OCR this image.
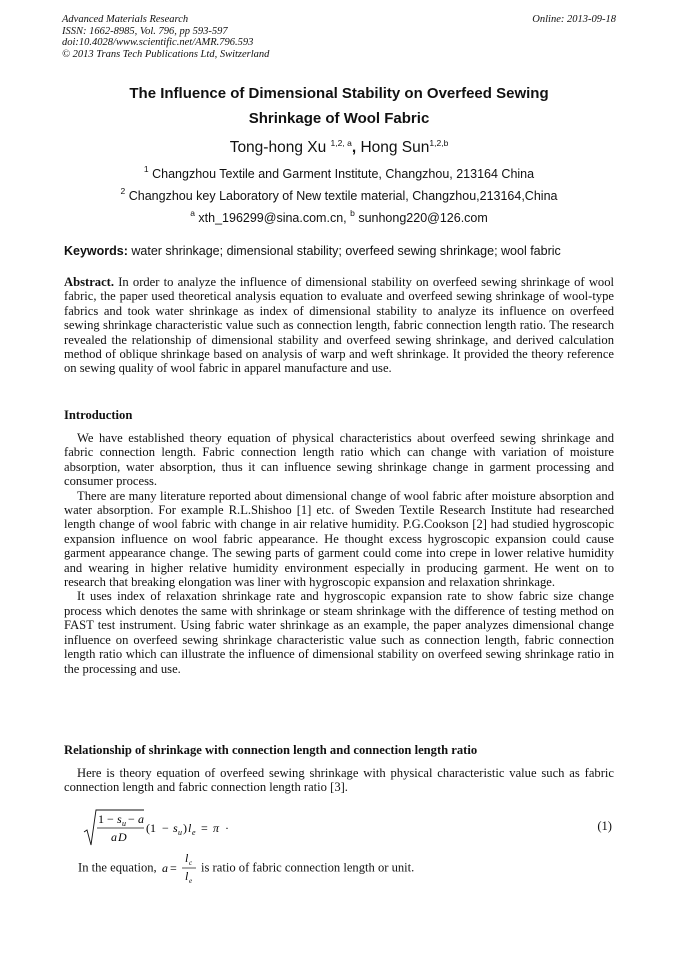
Advanced Materials Research
ISSN: 1662-8985, Vol. 796, pp 593-597
doi:10.4028/www.scientific.net/AMR.796.593
© 2013 Trans Tech Publications Ltd, Switzerland
Online: 2013-09-18
The Influence of Dimensional Stability on Overfeed Sewing
Shrinkage of Wool Fabric
Tong-hong Xu $^{1,2, a}$, Hong Sun$^{1,2,b}$
$^1$ Changzhou Textile and Garment Institute, Changzhou, 213164 China
$^2$ Changzhou key Laboratory of New textile material, Changzhou,213164,China
$^a$ xth_196299@sina.com.cn, $^b$ sunhong220@126.com
Keywords: water shrinkage; dimensional stability; overfeed sewing shrinkage; wool fabric

Abstract. In order to analyze the influence of dimensional stability on overfeed sewing shrinkage of wool fabric, the paper used theoretical analysis equation to evaluate and overfeed sewing shrinkage of wool-type fabrics and took water shrinkage as index of dimensional stability to analyze its influence on overfeed sewing shrinkage characteristic value such as connection length, fabric connection length ratio. The research revealed the relationship of dimensional stability and overfeed sewing shrinkage, and derived calculation method of oblique shrinkage based on analysis of warp and weft shrinkage. It provided the theory reference on sewing quality of wool fabric in apparel manufacture and use.

Introduction

We have established theory equation of physical characteristics about overfeed sewing shrinkage and fabric connection length. Fabric connection length ratio which can change with variation of moisture absorption, water absorption, thus it can influence sewing shrinkage change in garment processing and consumer process.

There are many literature reported about dimensional change of wool fabric after moisture absorption and water absorption. For example R.L.Shishoo [1] etc. of Sweden Textile Research Institute had researched length change of wool fabric with change in air relative humidity. P.G.Cookson [2] had studied hygroscopic expansion influence on wool fabric appearance. He thought excess hygroscopic expansion could cause garment appearance change. The sewing parts of garment could come into crepe in lower relative humidity and wearing in higher relative humidity environment especially in producing garment. He went on to research that breaking elongation was liner with hygroscopic expansion and relaxation shrinkage.

It uses index of relaxation shrinkage rate and hygroscopic expansion rate to show fabric size change process which denotes the same with shrinkage or steam shrinkage with the difference of testing method on FAST test instrument. Using fabric water shrinkage as an example, the paper analyzes dimensional change influence on overfeed sewing shrinkage characteristic value such as connection length, fabric connection length ratio which can illustrate the influence of dimensional stability on overfeed sewing shrinkage ratio in the processing and use.

Relationship of shrinkage with connection length and connection length ratio

Here is theory equation of overfeed sewing shrinkage with physical characteristic value such as fabric connection length and fabric connection length ratio [3].

1 − s u − a
a D
(1 − s u ) l e = π ·	(1)
In the equation, a =
l c
l e
is ratio of fabric connection length or unit.
